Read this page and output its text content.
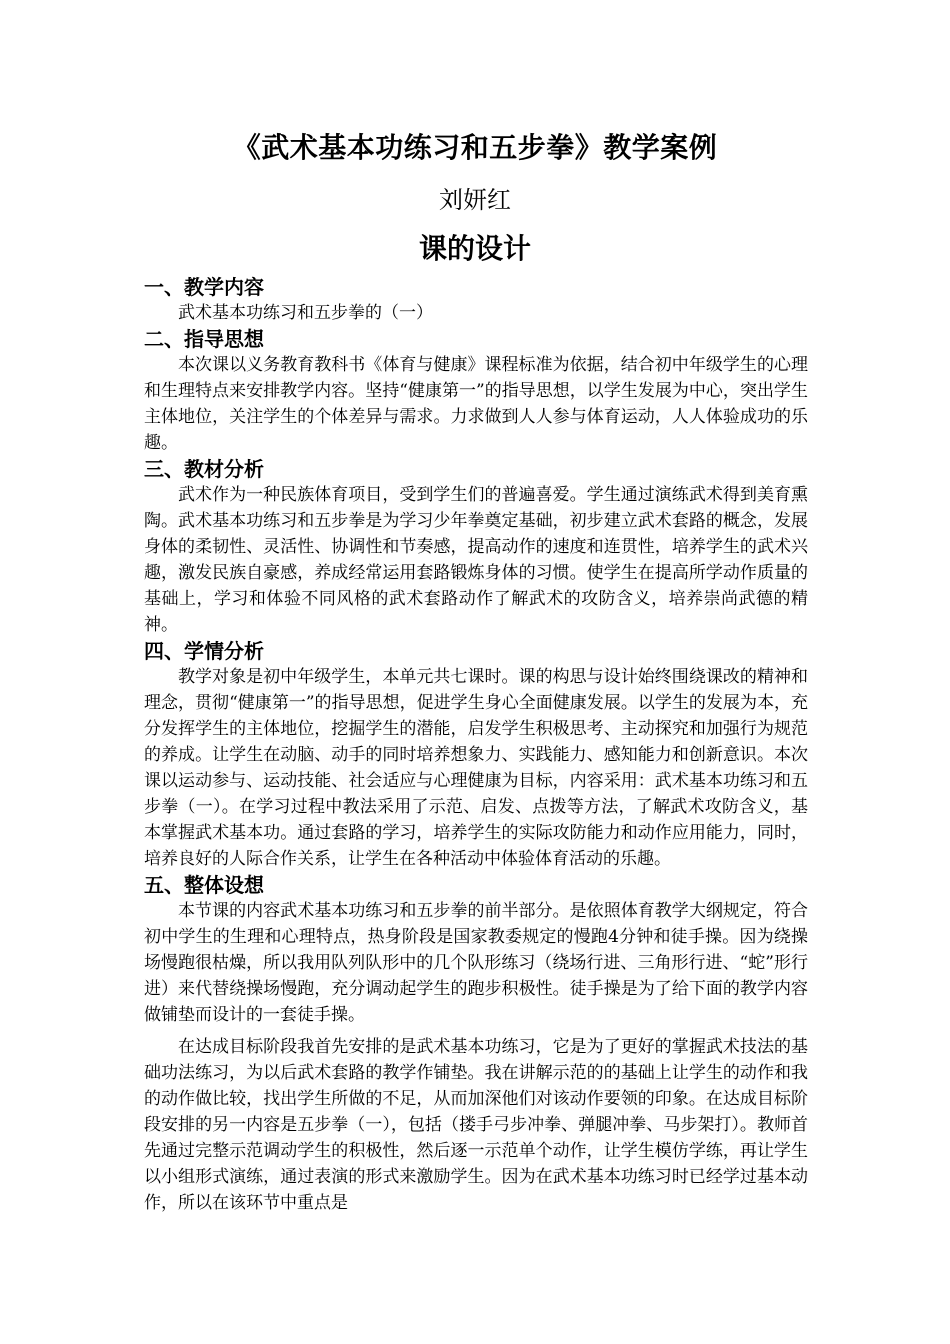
《武术基本功练习和五步拳》教学案例
刘妍红
课的设计

一、教学内容

武术基本功练习和五步拳的（一）

二、指导思想

本次课以义务教育教科书《体育与健康》课程标准为依据，结合初中年级学生的心理和生理特点来安排教学内容。坚持“健康第一”的指导思想，以学生发展为中心，突出学生主体地位，关注学生的个体差异与需求。力求做到人人参与体育运动，人人体验成功的乐趣。

三、教材分析

武术作为一种民族体育项目，受到学生们的普遍喜爱。学生通过演练武术得到美育熏陶。武术基本功练习和五步拳是为学习少年拳奠定基础，初步建立武术套路的概念，发展身体的柔韧性、灵活性、协调性和节奏感，提高动作的速度和连贯性，培养学生的武术兴趣，激发民族自豪感，养成经常运用套路锻炼身体的习惯。使学生在提高所学动作质量的基础上，学习和体验不同风格的武术套路动作了解武术的攻防含义，培养崇尚武德的精神。

四、学情分析

教学对象是初中年级学生，本单元共七课时。课的构思与设计始终围绕课改的精神和理念，贯彻“健康第一”的指导思想，促进学生身心全面健康发展。以学生的发展为本，充分发挥学生的主体地位，挖掘学生的潜能，启发学生积极思考、主动探究和加强行为规范的养成。让学生在动脑、动手的同时培养想象力、实践能力、感知能力和创新意识。本次课以运动参与、运动技能、社会适应与心理健康为目标，内容采用：武术基本功练习和五步拳（一）。在学习过程中教法采用了示范、启发、点拨等方法，了解武术攻防含义，基本掌握武术基本功。通过套路的学习，培养学生的实际攻防能力和动作应用能力，同时，培养良好的人际合作关系，让学生在各种活动中体验体育活动的乐趣。

五、整体设想

本节课的内容武术基本功练习和五步拳的前半部分。是依照体育教学大纲规定，符合初中学生的生理和心理特点，热身阶段是国家教委规定的慢跑4分钟和徒手操。因为绕操场慢跑很枯燥，所以我用队列队形中的几个队形练习（绕场行进、三角形行进、“蛇”形行进）来代替绕操场慢跑，充分调动起学生的跑步积极性。徒手操是为了给下面的教学内容做铺垫而设计的一套徒手操。

在达成目标阶段我首先安排的是武术基本功练习，它是为了更好的掌握武术技法的基础功法练习，为以后武术套路的教学作铺垫。我在讲解示范的的基础上让学生的动作和我的动作做比较，找出学生所做的不足，从而加深他们对该动作要领的印象。在达成目标阶段安排的另一内容是五步拳（一），包括（搂手弓步冲拳、弹腿冲拳、马步架打）。教师首先通过完整示范调动学生的积极性，然后逐一示范单个动作，让学生模仿学练，再让学生以小组形式演练，通过表演的形式来激励学生。因为在武术基本功练习时已经学过基本动作，所以在该环节中重点是
